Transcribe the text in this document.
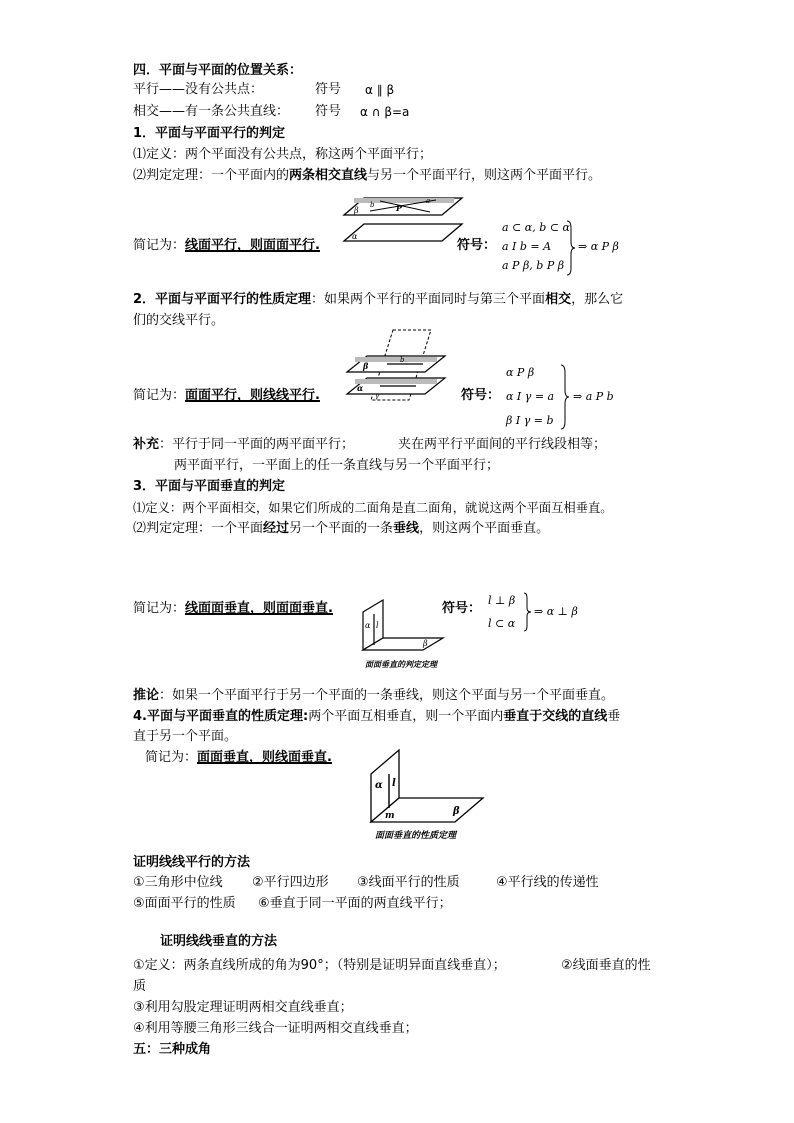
四．平面与平面的位置关系：
平行——没有公共点：	符号 α ∥ β
相交——有一条公共直线： 符号 α ∩ β=a
1．平面与平面平行的判定
⑴定义：两个平面没有公共点，称这两个平面平行；
⑵判定定理：一个平面内的两条相交直线与另一个平面平行，则这两个平面平行。
β
b	P
a
α
简记为：线面平行，则面面平行.	符号：
a ⊂ α, b ⊂ α
a I b = A
a P β, b P β
⇒ α P β
2．平面与平面平行的性质定理：如果两个平行的平面同时与第三个平面相交，那么它
们的交线平行。
β
b
α
γ
简记为：面面平行，则线线平行.	符号：
α P β
α I γ = a
β I γ = b
⇒ a P b
补充：平行于同一平面的两平面平行；	夹在两平行平面间的平行线段相等；
两平面平行，一平面上的任一条直线与另一个平面平行；
3．平面与平面垂直的判定
⑴定义：两个平面相交，如果它们所成的二面角是直二面角，就说这两个平面互相垂直。
⑵判定定理：一个平面经过另一个平面的一条垂线，则这两个平面垂直。
简记为：线面面垂直，则面面垂直.
α l
β
面面垂直的判定定理
符号：
l ⊥ β
l ⊂ α
⇒ α ⊥ β
推论：如果一个平面平行于另一个平面的一条垂线，则这个平面与另一个平面垂直。
4.平面与平面垂直的性质定理:两个平面互相垂直，则一个平面内垂直于交线的直线垂
直于另一个平面。
简记为：面面垂直，则线面垂直.
α l
β
m
面面垂直的性质定理
证明线线平行的方法
①三角形中位线 ②平行四边形 ③线面平行的性质	④平行线的传递性
⑤面面平行的性质 ⑥垂直于同一平面的两直线平行；
证明线线垂直的方法
①定义：两条直线所成的角为90°；（特别是证明异面直线垂直）；	②线面垂直的性
质
③利用勾股定理证明两相交直线垂直；
④利用等腰三角形三线合一证明两相交直线垂直；
五：三种成角
